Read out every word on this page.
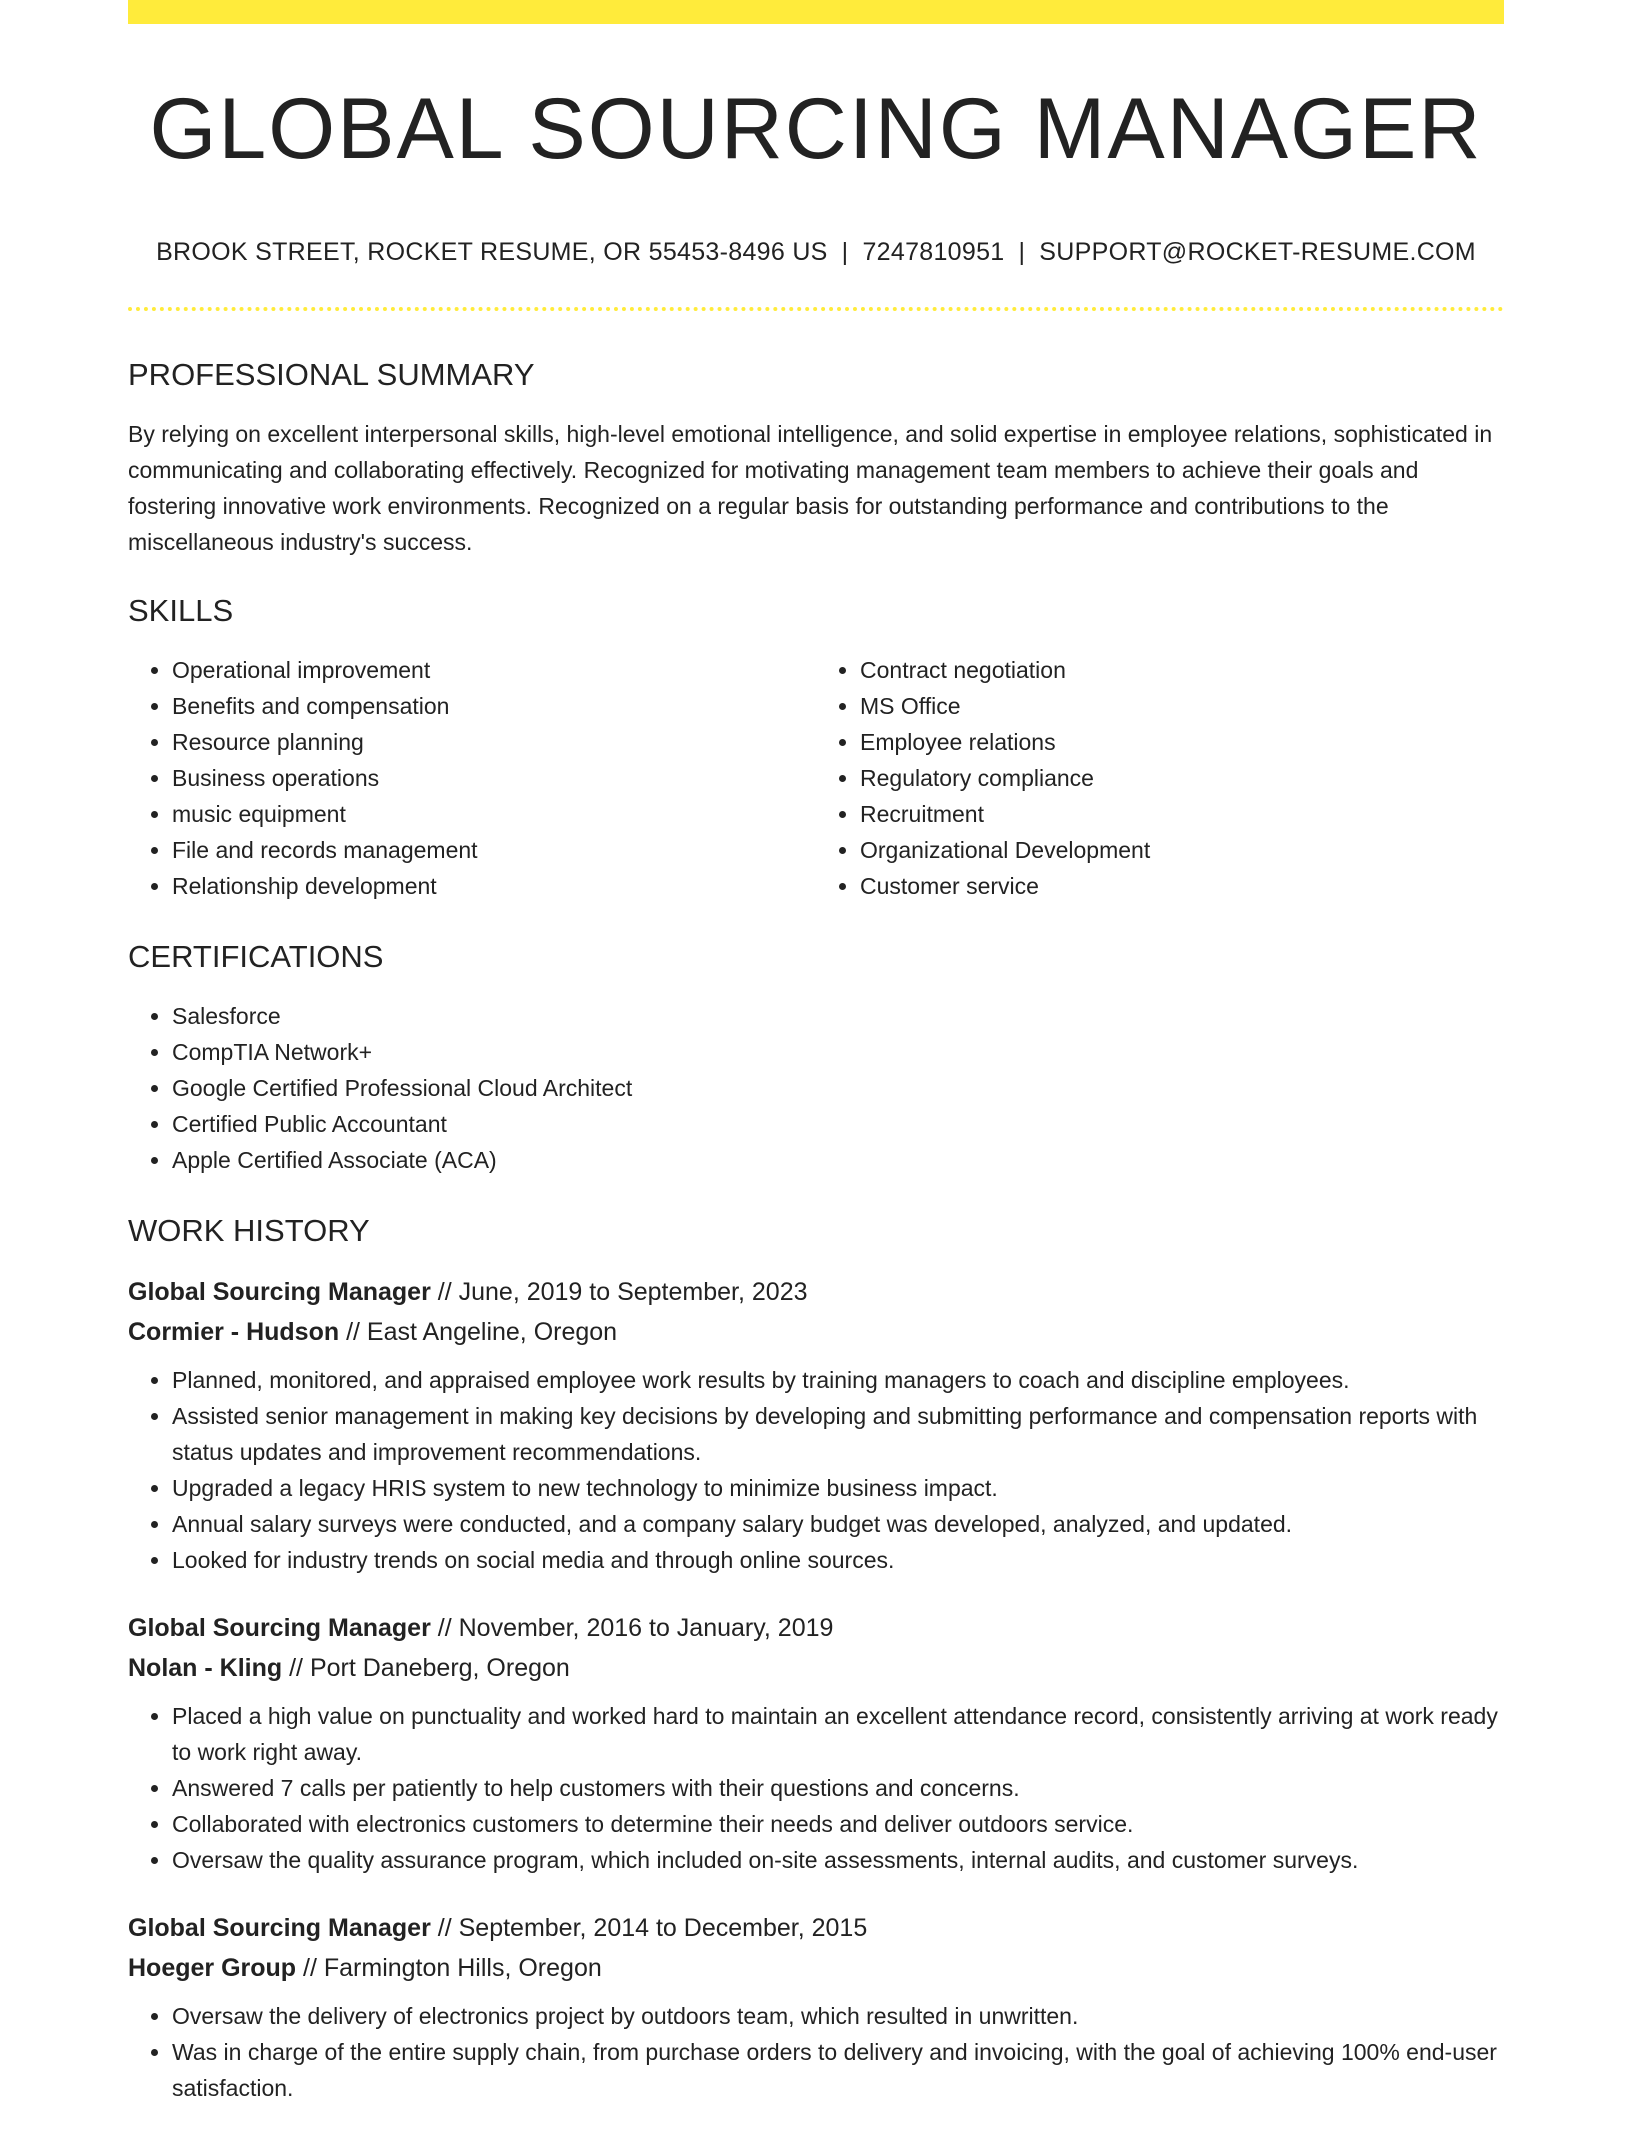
GLOBAL SOURCING MANAGER
BROOK STREET, ROCKET RESUME, OR 55453-8496 US | 7247810951 | SUPPORT@ROCKET-RESUME.COM
PROFESSIONAL SUMMARY

By relying on excellent interpersonal skills, high-level emotional intelligence, and solid expertise in employee relations, sophisticated in communicating and collaborating effectively. Recognized for motivating management team members to achieve their goals and fostering innovative work environments. Recognized on a regular basis for outstanding performance and contributions to the miscellaneous industry's success.

SKILLS
• Operational improvement
• Benefits and compensation
• Resource planning
• Business operations
• music equipment
• File and records management
• Relationship development
• Contract negotiation
• MS Office
• Employee relations
• Regulatory compliance
• Recruitment
• Organizational Development
• Customer service
CERTIFICATIONS
• Salesforce
• CompTIA Network+
• Google Certified Professional Cloud Architect
• Certified Public Accountant
• Apple Certified Associate (ACA)
WORK HISTORY
Global Sourcing Manager // June, 2019 to September, 2023
Cormier - Hudson // East Angeline, Oregon
• Planned, monitored, and appraised employee work results by training managers to coach and discipline employees.
• Assisted senior management in making key decisions by developing and submitting performance and compensation reports with status updates and improvement recommendations.
• Upgraded a legacy HRIS system to new technology to minimize business impact.
• Annual salary surveys were conducted, and a company salary budget was developed, analyzed, and updated.
• Looked for industry trends on social media and through online sources.
Global Sourcing Manager // November, 2016 to January, 2019
Nolan - Kling // Port Daneberg, Oregon
• Placed a high value on punctuality and worked hard to maintain an excellent attendance record, consistently arriving at work ready to work right away.
• Answered 7 calls per patiently to help customers with their questions and concerns.
• Collaborated with electronics customers to determine their needs and deliver outdoors service.
• Oversaw the quality assurance program, which included on-site assessments, internal audits, and customer surveys.
Global Sourcing Manager // September, 2014 to December, 2015
Hoeger Group // Farmington Hills, Oregon
• Oversaw the delivery of electronics project by outdoors team, which resulted in unwritten.
• Was in charge of the entire supply chain, from purchase orders to delivery and invoicing, with the goal of achieving 100% end-user satisfaction.
